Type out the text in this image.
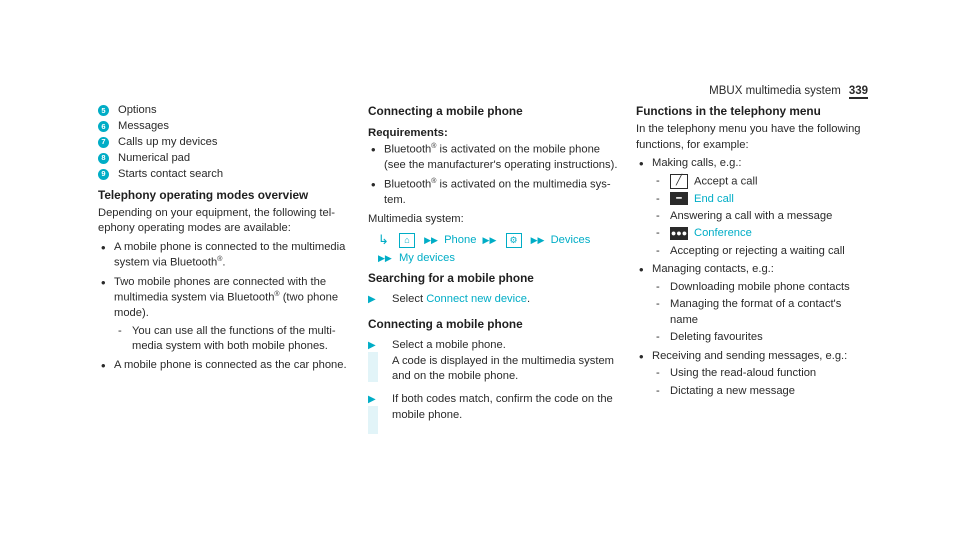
MBUX multimedia system 339
5	Options
6	Messages
7	Calls up my devices
8	Numerical pad
9	Starts contact search
Telephony operating modes overview

Depending on your equipment, the following telephony operating modes are available:

• A mobile phone is connected to the multimedia system via Bluetooth®.
• Two mobile phones are connected with the multimedia system via Bluetooth® (two phone mode).
- You can use all the functions of the multimedia system with both mobile phones.
• A mobile phone is connected as the car phone.
Connecting a mobile phone
Requirements:
• Bluetooth® is activated on the mobile phone (see the manufacturer's operating instructions).
• Bluetooth® is activated on the multimedia system.

Multimedia system:

↳ ⌂ ▶▶ Phone ▶▶ ⚙ ▶▶ Devices
▶▶ My devices
Searching for a mobile phone
▶	Select Connect new device.
Connecting a mobile phone
▶	Select a mobile phone.
A code is displayed in the multimedia system and on the mobile phone.
▶	If both codes match, confirm the code on the mobile phone.
Functions in the telephony menu

In the telephony menu you have the following functions, for example:

• Making calls, e.g.:
- ╱ Accept a call
- ━ End call
- Answering a call with a message
- ●●● Conference
- Accepting or rejecting a waiting call
• Managing contacts, e.g.:
- Downloading mobile phone contacts
- Managing the format of a contact's name
- Deleting favourites
• Receiving and sending messages, e.g.:
- Using the read-aloud function
- Dictating a new message
